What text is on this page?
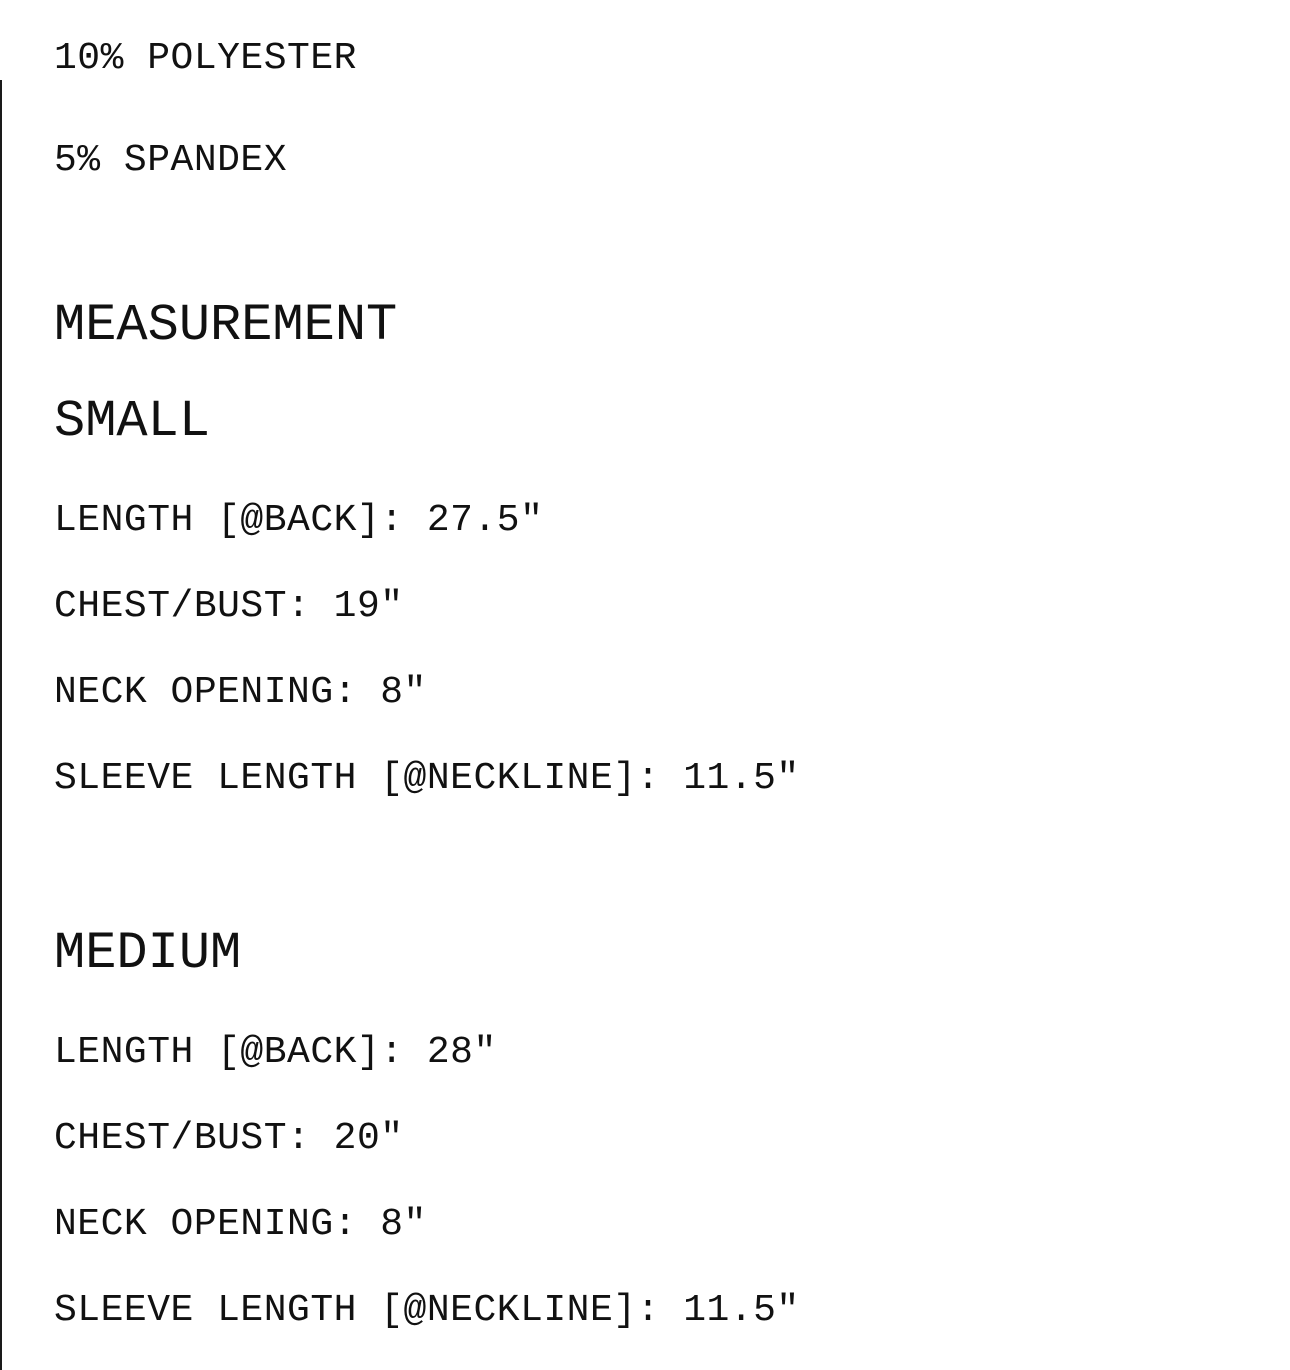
10% POLYESTER
5% SPANDEX
MEASUREMENT
SMALL
LENGTH [@BACK]: 27.5″
CHEST/BUST: 19″
NECK OPENING: 8″
SLEEVE LENGTH [@NECKLINE]: 11.5″
MEDIUM
LENGTH [@BACK]: 28″
CHEST/BUST: 20″
NECK OPENING: 8″
SLEEVE LENGTH [@NECKLINE]: 11.5″
